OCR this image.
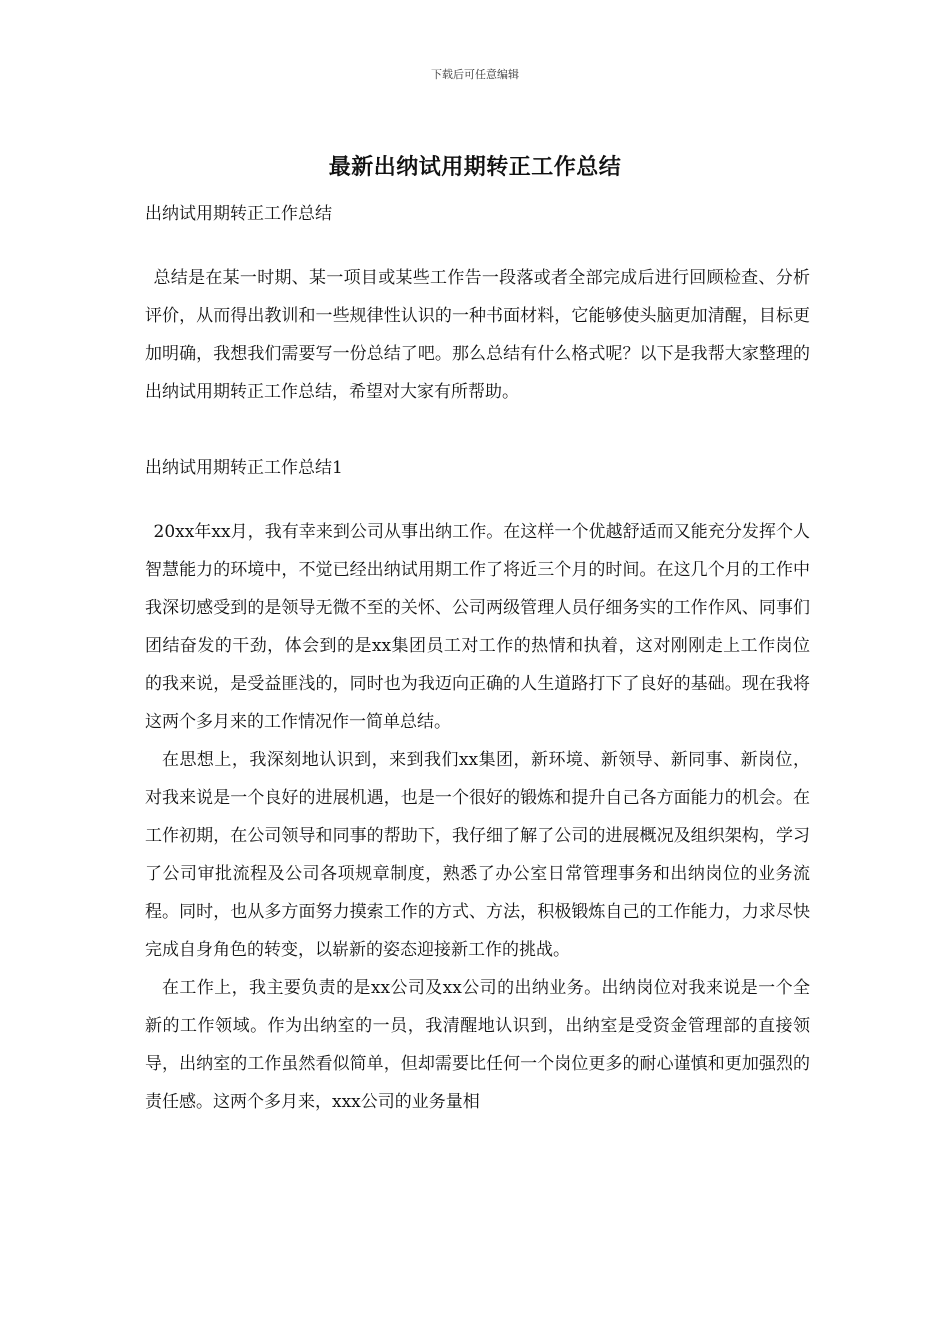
下载后可任意编辑
最新出纳试用期转正工作总结

出纳试用期转正工作总结

总结是在某一时期、某一项目或某些工作告一段落或者全部完成后进行回顾检查、分析评价，从而得出教训和一些规律性认识的一种书面材料，它能够使头脑更加清醒，目标更加明确，我想我们需要写一份总结了吧。那么总结有什么格式呢？以下是我帮大家整理的出纳试用期转正工作总结，希望对大家有所帮助。

出纳试用期转正工作总结1

20xx年xx月，我有幸来到公司从事出纳工作。在这样一个优越舒适而又能充分发挥个人智慧能力的环境中，不觉已经出纳试用期工作了将近三个月的时间。在这几个月的工作中我深切感受到的是领导无微不至的关怀、公司两级管理人员仔细务实的工作作风、同事们团结奋发的干劲，体会到的是xx集团员工对工作的热情和执着，这对刚刚走上工作岗位的我来说，是受益匪浅的，同时也为我迈向正确的人生道路打下了良好的基础。现在我将这两个多月来的工作情况作一简单总结。

在思想上，我深刻地认识到，来到我们xx集团，新环境、新领导、新同事、新岗位，对我来说是一个良好的进展机遇，也是一个很好的锻炼和提升自己各方面能力的机会。在工作初期，在公司领导和同事的帮助下，我仔细了解了公司的进展概况及组织架构，学习了公司审批流程及公司各项规章制度，熟悉了办公室日常管理事务和出纳岗位的业务流程。同时，也从多方面努力摸索工作的方式、方法，积极锻炼自己的工作能力，力求尽快完成自身角色的转变，以崭新的姿态迎接新工作的挑战。

在工作上，我主要负责的是xx公司及xx公司的出纳业务。出纳岗位对我来说是一个全新的工作领域。作为出纳室的一员，我清醒地认识到，出纳室是受资金管理部的直接领导，出纳室的工作虽然看似简单，但却需要比任何一个岗位更多的耐心谨慎和更加强烈的责任感。这两个多月来，xxx公司的业务量相
